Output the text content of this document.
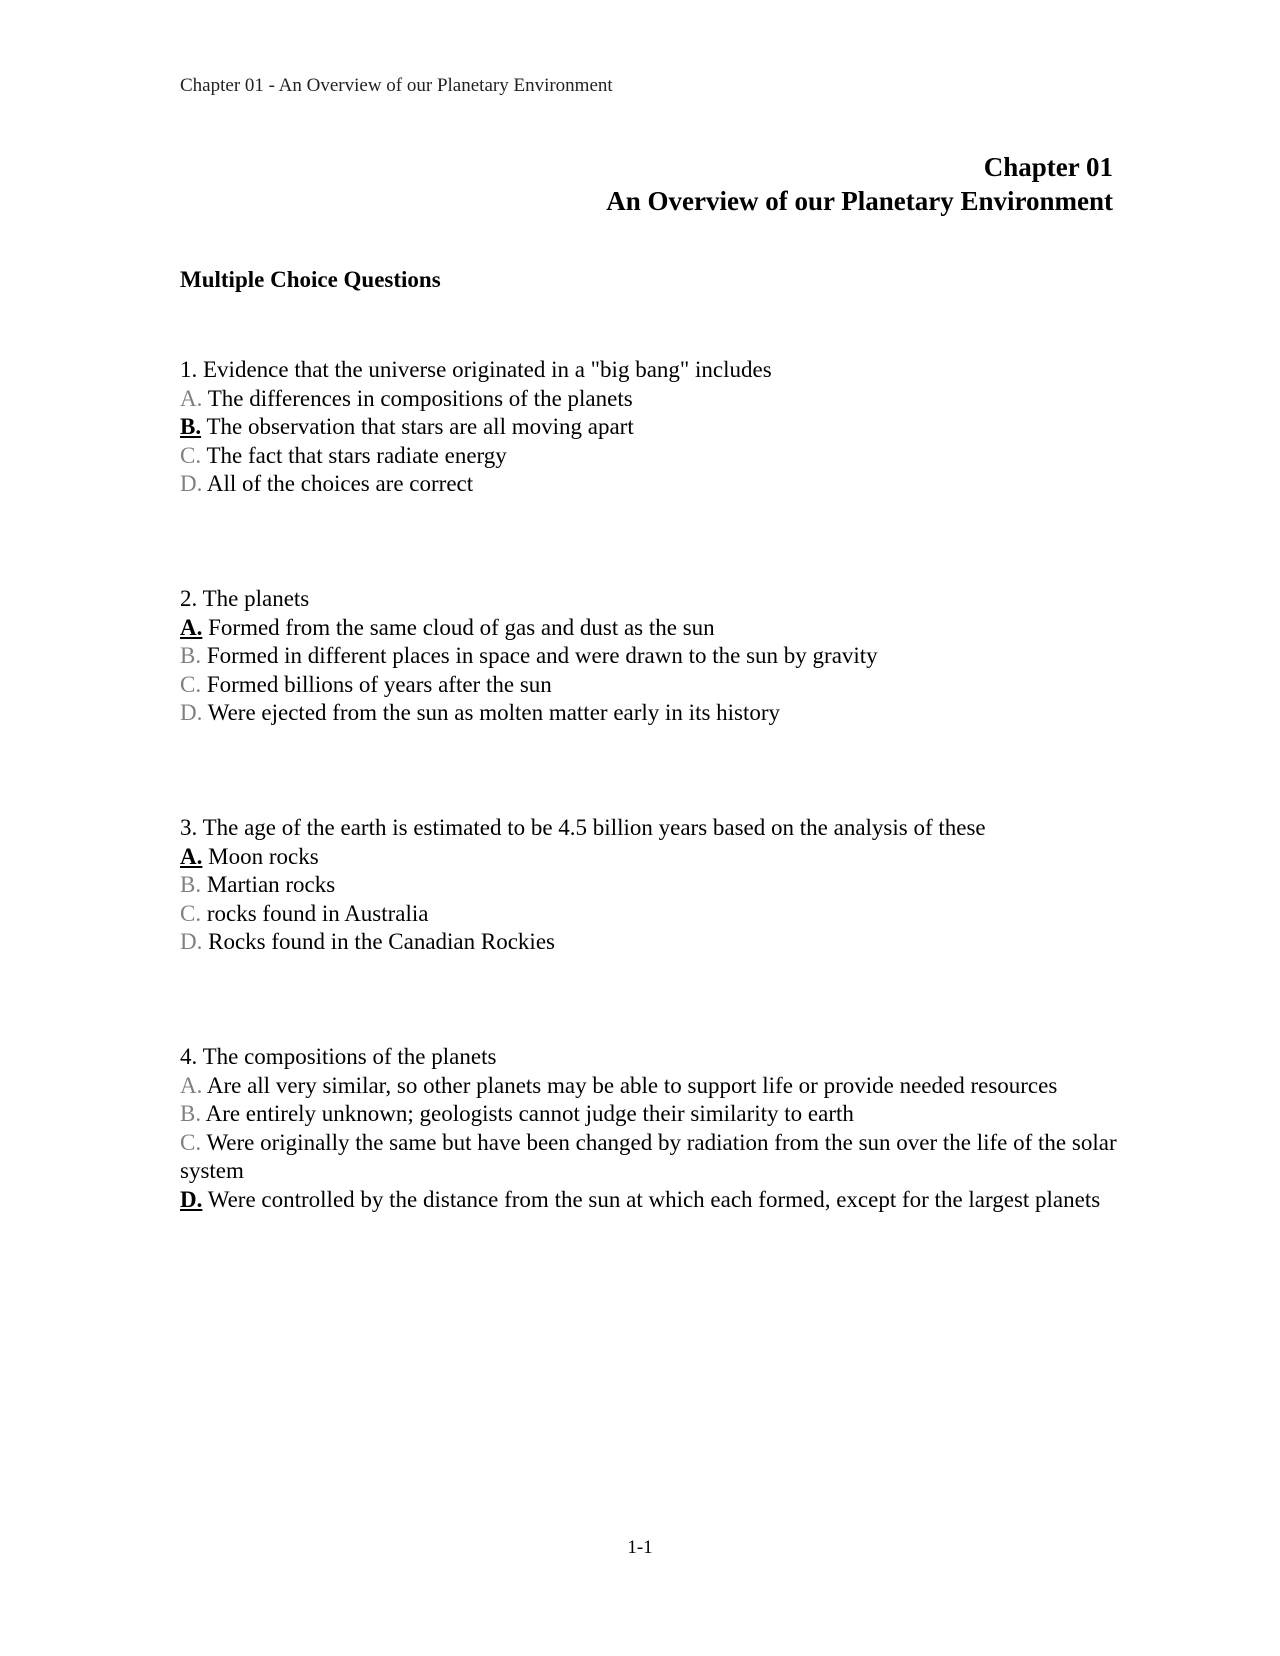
Chapter 01 - An Overview of our Planetary Environment
Chapter 01
An Overview of our Planetary Environment
Multiple Choice Questions

1. Evidence that the universe originated in a "big bang" includes

A. The differences in compositions of the planets

B. The observation that stars are all moving apart

C. The fact that stars radiate energy

D. All of the choices are correct

2. The planets

A. Formed from the same cloud of gas and dust as the sun

B. Formed in different places in space and were drawn to the sun by gravity

C. Formed billions of years after the sun

D. Were ejected from the sun as molten matter early in its history

3. The age of the earth is estimated to be 4.5 billion years based on the analysis of these

A. Moon rocks

B. Martian rocks

C. rocks found in Australia

D. Rocks found in the Canadian Rockies

4. The compositions of the planets

A. Are all very similar, so other planets may be able to support life or provide needed resources

B. Are entirely unknown; geologists cannot judge their similarity to earth

C. Were originally the same but have been changed by radiation from the sun over the life of the solar system

D. Were controlled by the distance from the sun at which each formed, except for the largest planets

1-1
